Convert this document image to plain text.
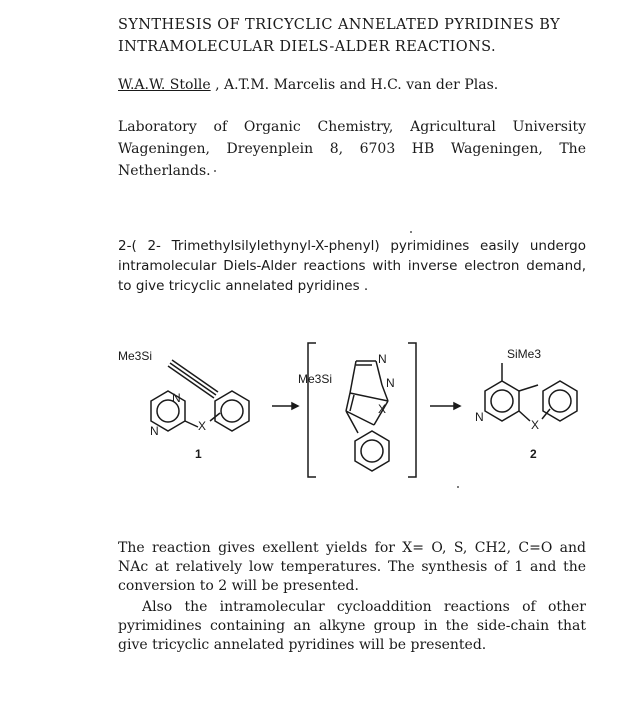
SYNTHESIS OF TRICYCLIC ANNELATED PYRIDINES BY INTRAMOLECULAR DIELS-ALDER REACTIONS.
W.A.W. Stolle , A.T.M. Marcelis and H.C. van der Plas.
Laboratory of Organic Chemistry, Agricultural University Wageningen, Dreyenplein 8, 6703 HB Wageningen, The Netherlands.
2-( 2- Trimethylsilylethynyl-X-phenyl) pyrimidines easily undergo intramolecular Diels-Alder reactions with inverse electron demand, to give tricyclic annelated pyridines .
Me3Si
N
N	X
1
Me3Si
N
N
X
SiMe3
N
X
2
The reaction gives exellent yields for X= O, S, CH2, C=O and NAc at relatively low temperatures. The synthesis of 1 and the conversion to 2 will be presented.
Also the intramolecular cycloaddition reactions of other pyrimidines containing an alkyne group in the side-chain that give tricyclic annelated pyridines will be presented.
